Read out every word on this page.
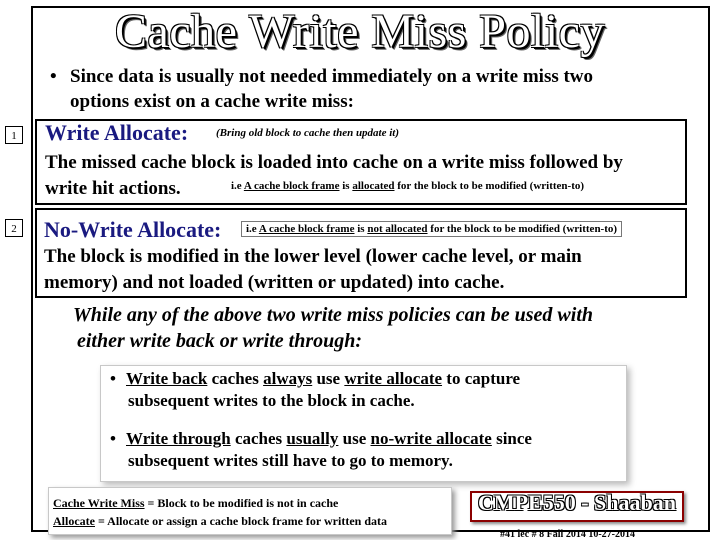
Cache Write Miss Policy
• Since data is usually not needed immediately on a write miss two
options exist on a cache write miss:
1 Write Allocate:	(Bring old block to cache then update it)
The missed cache block is loaded into cache on a write miss followed by
write hit actions.	i.e A cache block frame is allocated for the block to be modified (written-to)
2 No-Write Allocate:	i.e A cache block frame is not allocated for the block to be modified (written-to)
The block is modified in the lower level (lower cache level, or main
memory) and not loaded (written or updated) into cache.
While any of the above two write miss policies can be used with
either write back or write through:
• Write back caches always use write allocate to capture
subsequent writes to the block in cache.
• Write through caches usually use no-write allocate since
subsequent writes still have to go to memory.
Cache Write Miss = Block to be modified is not in cache
Allocate = Allocate or assign a cache block frame for written data
CMPE550 - Shaaban
#41 lec # 8 Fall 2014 10-27-2014
